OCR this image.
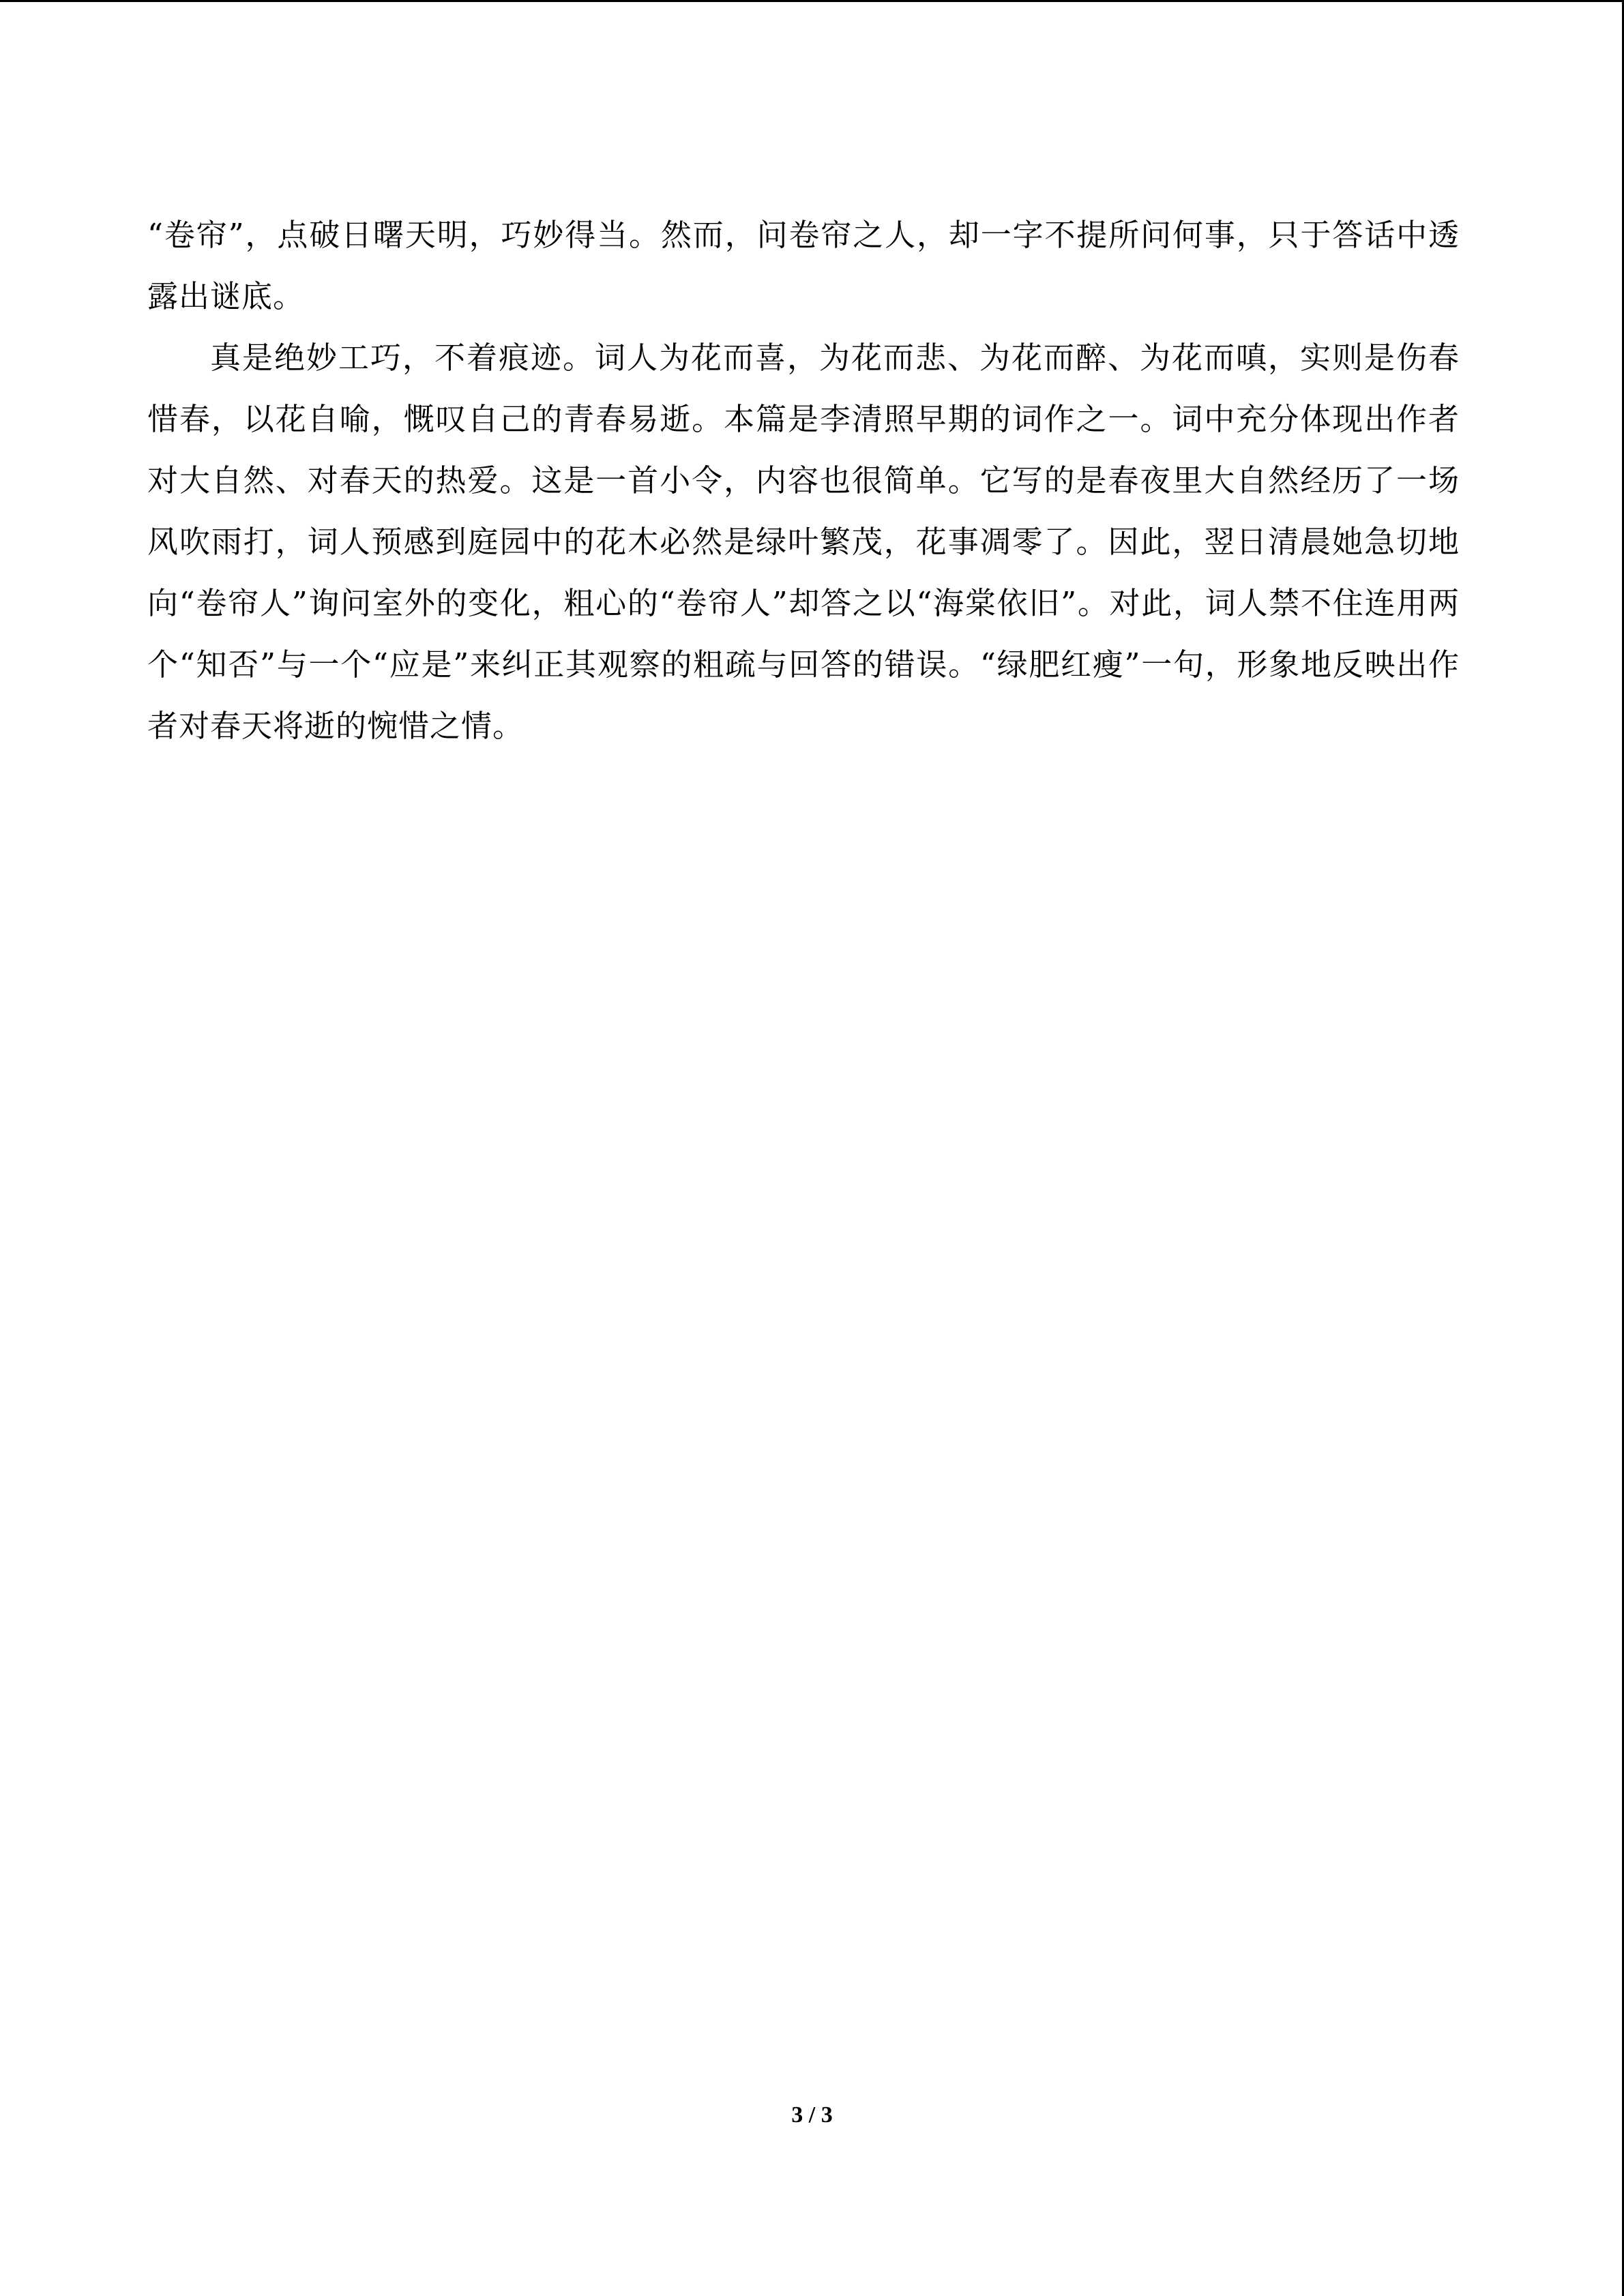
“卷帘”，点破日曙天明，巧妙得当。然而，问卷帘之人，却一字不提所问何事，只于答话中透露出谜底。

真是绝妙工巧，不着痕迹。词人为花而喜，为花而悲、为花而醉、为花而嗔，实则是伤春惜春，以花自喻，慨叹自己的青春易逝。本篇是李清照早期的词作之一。词中充分体现出作者对大自然、对春天的热爱。这是一首小令，内容也很简单。它写的是春夜里大自然经历了一场风吹雨打，词人预感到庭园中的花木必然是绿叶繁茂，花事凋零了。因此，翌日清晨她急切地向“卷帘人”询问室外的变化，粗心的“卷帘人”却答之以“海棠依旧”。对此，词人禁不住连用两个“知否”与一个“应是”来纠正其观察的粗疏与回答的错误。“绿肥红瘦”一句，形象地反映出作者对春天将逝的惋惜之情。

3 / 3
